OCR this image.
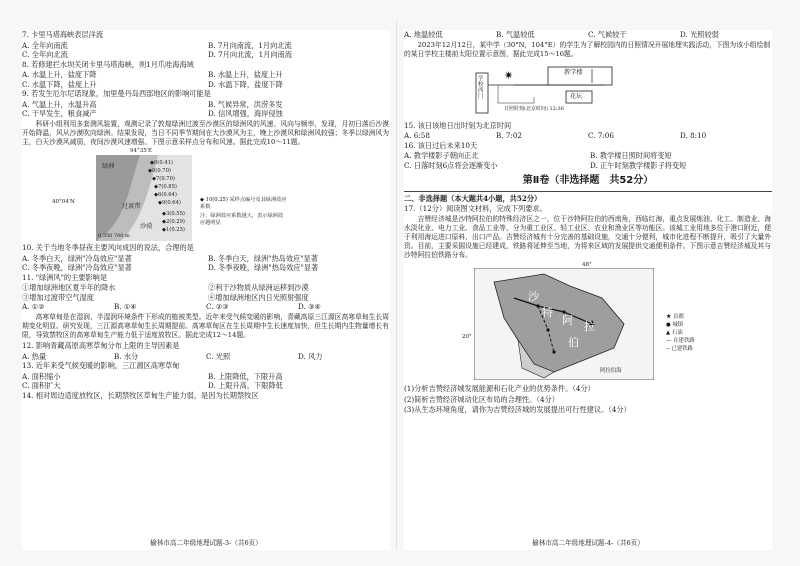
7. 卡里马塔海峡表层洋流
A. 全年向南流	B. 7月向南流，1月向北流
C. 全年向北流	D. 7月向北流，1月向南流
8. 若修建拦水坝关闭卡里马塔海峡，则1月爪哇海海域
A. 水温上升，盐度下降	B. 水温上升，盐度上升
C. 水温下降，盐度上升	D. 水温下降，盐度下降
9. 若发生厄尔尼诺现象，加里曼丹岛西部地区的影响可能是
A. 气温上升，水温升高	B. 气候异常，洪涝多发
C. 干旱发生，粮食减产	D. 信风增强，海岸侵蚀
科研小组利用多套测风装置，观测记录了敦煌绿洲过渡至沙漠区的绿洲风的风速、风向与频率，发现，月初日落后沙漠开始降温，风从沙漠吹向绿洲。结果发现，当日不同季节期间在大沙漠风为主，晚上沙漠风和绿洲风较强；冬季以绿洲风为主，白天沙漠风减弱，夜间沙漠风速增强。下图示意采样点分布和风速。据此完成10～11题。
94°35′E
40°04′N
绿洲
过渡带
沙漠
◆0(0.41)
◆0(0.70)
◆7(0.70)
◆7(0.85)
◆6(0.64)
◆9(0.64)
◆3(0.55)
◆2(0.29)
◆1(0.25)
0 350 700 m
◆ 10(0.25) 采样点编号及其绿洲效应系数
注：绿洲效应系数越大，表示绿洲效应越明显
10. 关于当地冬季昼夜主要风向成因的说法，合理的是
A. 冬季白天，绿洲"冷岛效应"显著	B. 冬季白天，绿洲"热岛效应"显著
C. 冬季夜晚，绿洲"冷岛效应"显著	D. 冬季夜晚，绿洲"热岛效应"显著
11. "绿洲风"的主要影响是
①增加绿洲地区夏半年的降水	②利于沙物质从绿洲运移到沙漠
③增加过渡带空气湿度	④增加绿洲地区内日光照射强度
A. ①②	B. ①④	C. ②③	D. ③④
高寒草甸是在湿润、半湿润环境条件下形成的植被类型。近年来受气候变暖的影响，青藏高原三江源区高寒草甸生长周期变化明显。研究发现，三江源高寒草甸生长周期提前。高寒草甸区在生长周期中生长速度加快，但生长期内生物量增长有限，导致禁牧区的高寒草甸生产能力低于适度放牧区。据此完成12～14题。
12. 影响青藏高原高寒草甸分布上限的主导因素是
A. 热量	B. 水分	C. 光照	D. 风力
13. 近年来受气候变暖的影响，三江源区高寒草甸
A. 面积缩小	B. 上限降低，下限升高
C. 面积扩大	D. 上限升高，下限降低
14. 相对周边适度放牧区，长期禁牧区草甸生产能力弱，是因为长期禁牧区
榆林市高二年级地理试题-3-（共6页）
A. 地温较低	B. 气温较低	C. 气候较干	D. 光照较弱
2023年12月12日，某中学（30°N，104°E）的学生为了解校园内的日照情况开展地理实践活动，下图为该小组绘制的某日学校主楼前太阳位置示意图，据此完成15～16题。
✷
学校西门
教学楼
花坛
日照时刻(北京时间) 12:36
15. 该日该地日出时刻为北京时间
A. 6:58	B. 7:02	C. 7:06	D. 8:10
16. 该日过后未来10天
A. 教学楼影子朝向正北	B. 教学楼日照时间将变短
C. 日落时刻6点将会逐渐变小	D. 正午时刻教学楼影子将变短
第Ⅱ卷（非选择题　共52分）
二、非选择题（本大题共4小题，共52分）
17.（12分）阅读图文材料，完成下列要求。
吉赞经济城是沙特阿拉伯的特殊经济区之一，位于沙特阿拉伯的西南角，西临红海，重点发展炼油、化工、制造业、海水淡化业、电力工业、食品工业等，分为重工业区、轻工业区、农业和渔业区等功能区。该城工业用地多位于港口附近，便于利用海运进口原料，出口产品。吉赞经济城有十分完善的基础设施，交通十分便利，城市化进程不断提升，吸引了大量外资。目前，主要采掘设施已经建成，铁路将延伸至当地，为将来区域的发展提供交通便利条件。下图示意吉赞经济城及其与沙特阿拉伯铁路分布。
48°
20°
沙
特
阿 拉
伯
阿拉伯海
★ 首都
● 城镇
▲ 石油
— 在建铁路
-- 已建铁路
(1)分析吉赞经济城发展能源和石化产业的优势条件。（4分）
(2)简析吉赞经济城动化区布局的合理性。（4分）
(3)从生态环境角度，请你为吉赞经济城的发展提出可行性建议。（4分）
榆林市高二年级地理试题-4-（共6页）
